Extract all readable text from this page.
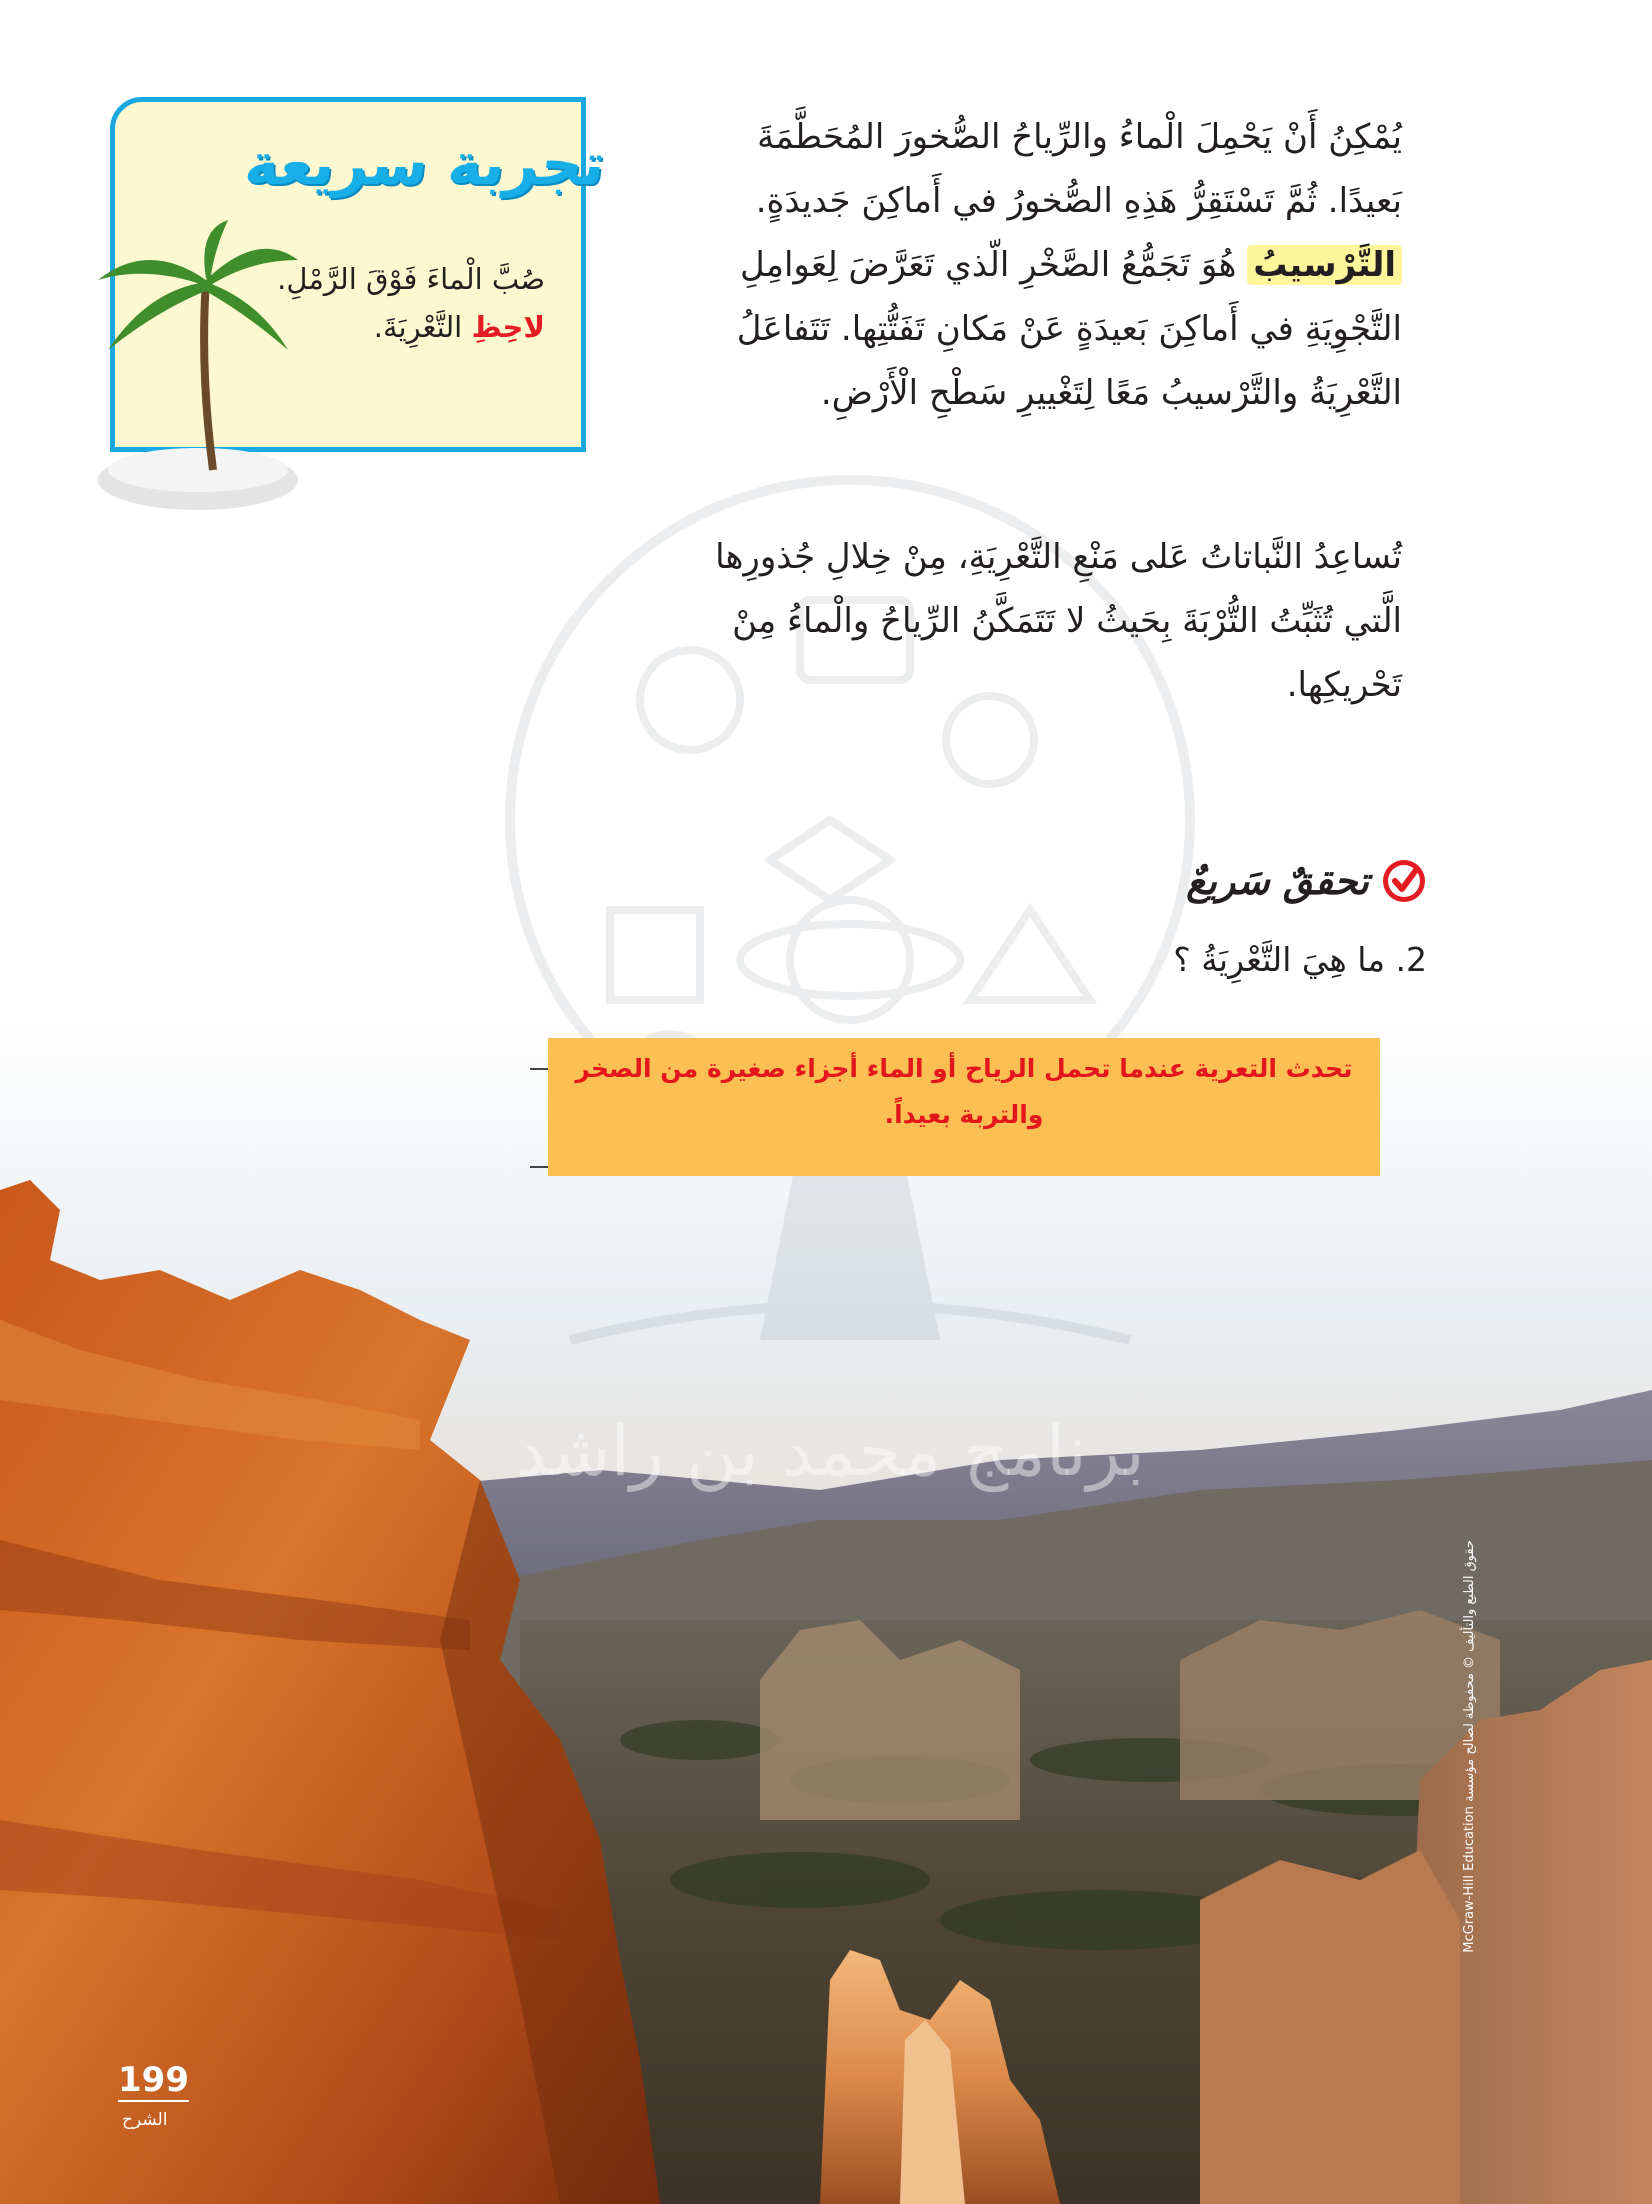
برنامج محمد بن راشد
يُمْكِنُ أَنْ يَحْمِلَ الْماءُ والرِّياحُ الصُّخورَ المُحَطَّمَةَ بَعيدًا. ثُمَّ تَسْتَقِرُّ هَذِهِ الصُّخورُ في أَماكِنَ جَديدَةٍ. التَّرْسيبُ هُوَ تَجَمُّعُ الصَّخْرِ الّذي تَعَرَّضَ لِعَوامِلِ التَّجْوِيَةِ في أَماكِنَ بَعيدَةٍ عَنْ مَكانِ تَفَتُّتِها. تَتَفاعَلُ التَّعْرِيَةُ والتَّرْسيبُ مَعًا لِتَغْييرِ سَطْحِ الْأَرْضِ.
تُساعِدُ النَّباتاتُ عَلى مَنْعِ التَّعْرِيَةِ، مِنْ خِلالِ جُذورِها الَّتي تُثَبِّتُ التُّرْبَةَ بِحَيثُ لا تَتَمَكَّنُ الرِّياحُ والْماءُ مِنْ تَحْريكِها.
تجربة سريعة
صُبَّ الْماءَ فَوْقَ الرَّمْلِ.
لاحِظِ التَّعْرِيَةَ.
تحققٌ سَريعٌ
2. ما هِيَ التَّعْرِيَةُ ؟
تحدث التعرية عندما تحمل الرياح أو الماء أجزاء صغيرة من الصخر والتربة بعيداً.
199
الشرح
حقوق الطبع والتأليف © محفوظة لصالح مؤسسة McGraw-Hill Education
